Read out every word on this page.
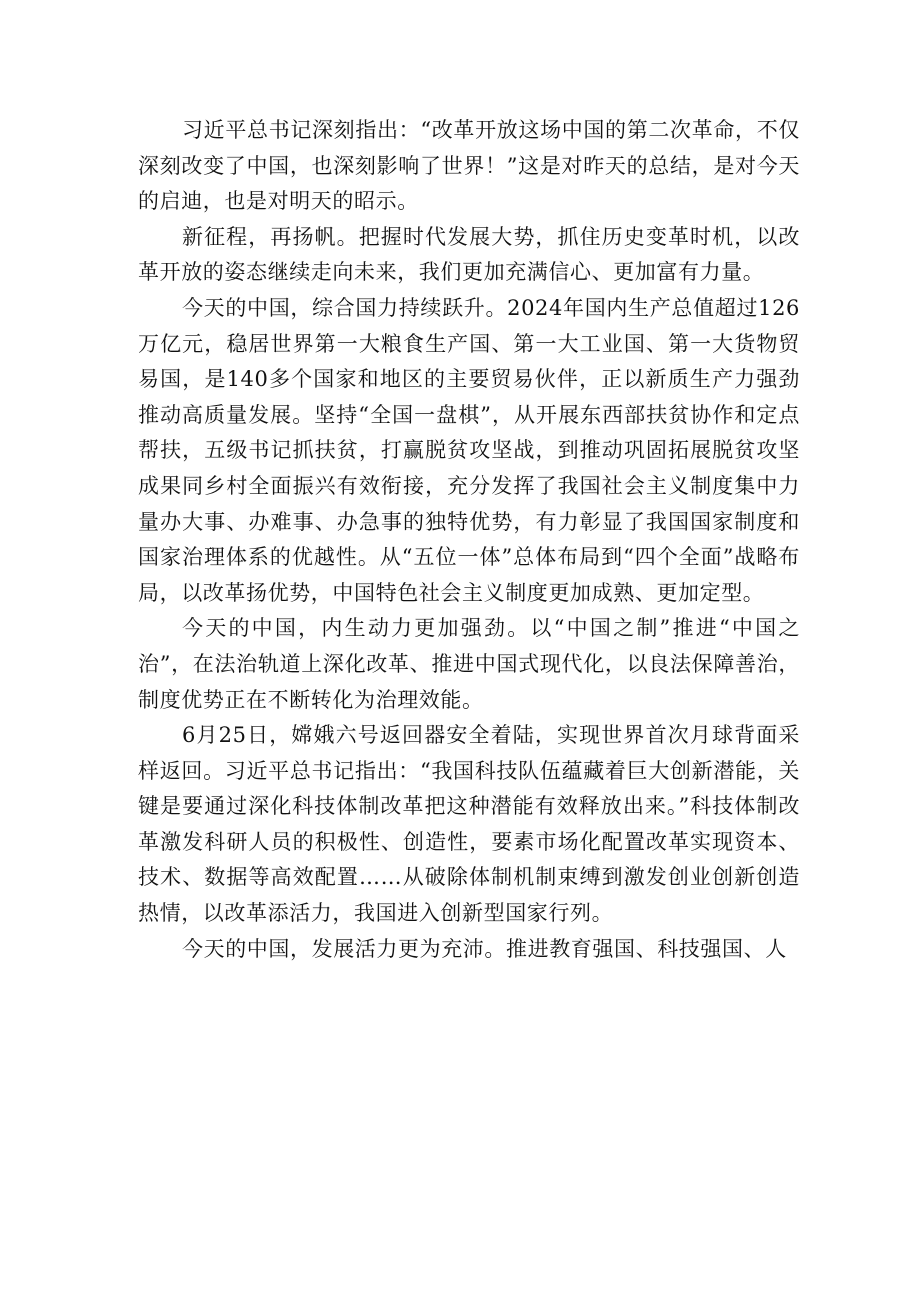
习近平总书记深刻指出：“改革开放这场中国的第二次革命，不仅深刻改变了中国，也深刻影响了世界！”这是对昨天的总结，是对今天的启迪，也是对明天的昭示。

新征程，再扬帆。把握时代发展大势，抓住历史变革时机，以改革开放的姿态继续走向未来，我们更加充满信心、更加富有力量。

今天的中国，综合国力持续跃升。2024年国内生产总值超过126万亿元，稳居世界第一大粮食生产国、第一大工业国、第一大货物贸易国，是140多个国家和地区的主要贸易伙伴，正以新质生产力强劲推动高质量发展。坚持“全国一盘棋”，从开展东西部扶贫协作和定点帮扶，五级书记抓扶贫，打赢脱贫攻坚战，到推动巩固拓展脱贫攻坚成果同乡村全面振兴有效衔接，充分发挥了我国社会主义制度集中力量办大事、办难事、办急事的独特优势，有力彰显了我国国家制度和国家治理体系的优越性。从“五位一体”总体布局到“四个全面”战略布局，以改革扬优势，中国特色社会主义制度更加成熟、更加定型。

今天的中国，内生动力更加强劲。以“中国之制”推进“中国之治”，在法治轨道上深化改革、推进中国式现代化，以良法保障善治，制度优势正在不断转化为治理效能。

6月25日，嫦娥六号返回器安全着陆，实现世界首次月球背面采样返回。习近平总书记指出：“我国科技队伍蕴藏着巨大创新潜能，关键是要通过深化科技体制改革把这种潜能有效释放出来。”科技体制改革激发科研人员的积极性、创造性，要素市场化配置改革实现资本、技术、数据等高效配置……从破除体制机制束缚到激发创业创新创造热情，以改革添活力，我国进入创新型国家行列。

今天的中国，发展活力更为充沛。推进教育强国、科技强国、人
